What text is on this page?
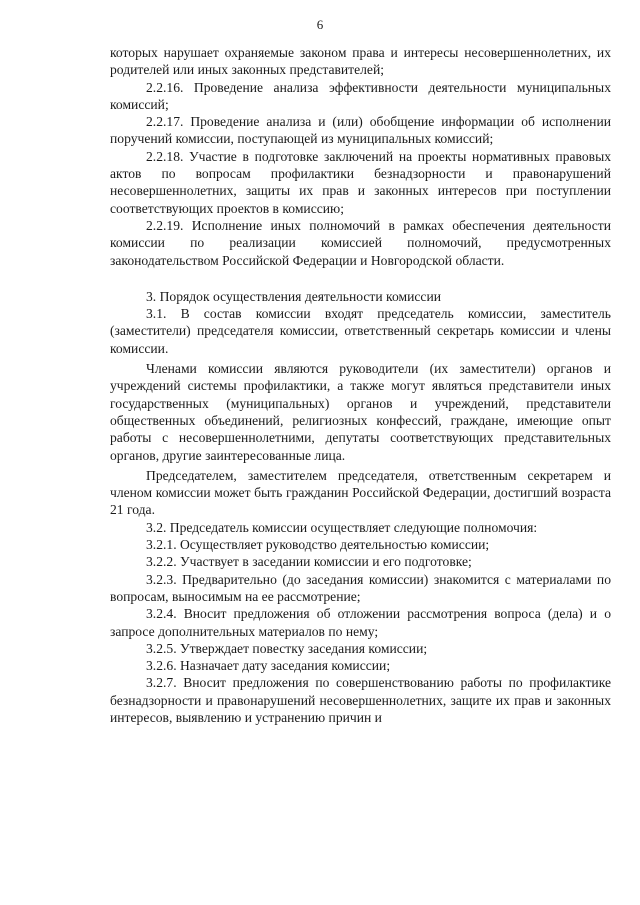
6

которых нарушает охраняемые законом права и интересы несовершеннолетних, их родителей или иных законных представителей;

2.2.16. Проведение анализа эффективности деятельности муниципальных комиссий;

2.2.17. Проведение анализа и (или) обобщение информации об исполнении поручений комиссии, поступающей из муниципальных комиссий;

2.2.18. Участие в подготовке заключений на проекты нормативных правовых актов по вопросам профилактики безнадзорности и правонарушений несовершеннолетних, защиты их прав и законных интересов при поступлении соответствующих проектов в комиссию;

2.2.19. Исполнение иных полномочий в рамках обеспечения деятельности комиссии по реализации комиссией полномочий, предусмотренных законодательством Российской Федерации и Новгородской области.

3. Порядок осуществления деятельности комиссии

3.1. В состав комиссии входят председатель комиссии, заместитель (заместители) председателя комиссии, ответственный секретарь комиссии и члены комиссии.

Членами комиссии являются руководители (их заместители) органов и учреждений системы профилактики, а также могут являться представители иных государственных (муниципальных) органов и учреждений, представители общественных объединений, религиозных конфессий, граждане, имеющие опыт работы с несовершеннолетними, депутаты соответствующих представительных органов, другие заинтересованные лица.

Председателем, заместителем председателя, ответственным секретарем и членом комиссии может быть гражданин Российской Федерации, достигший возраста 21 года.

3.2. Председатель комиссии осуществляет следующие полномочия:

3.2.1. Осуществляет руководство деятельностью комиссии;

3.2.2. Участвует в заседании комиссии и его подготовке;

3.2.3. Предварительно (до заседания комиссии) знакомится с материалами по вопросам, выносимым на ее рассмотрение;

3.2.4. Вносит предложения об отложении рассмотрения вопроса (дела) и о запросе дополнительных материалов по нему;

3.2.5. Утверждает повестку заседания комиссии;

3.2.6. Назначает дату заседания комиссии;

3.2.7. Вносит предложения по совершенствованию работы по профилактике безнадзорности и правонарушений несовершеннолетних, защите их прав и законных интересов, выявлению и устранению причин и
